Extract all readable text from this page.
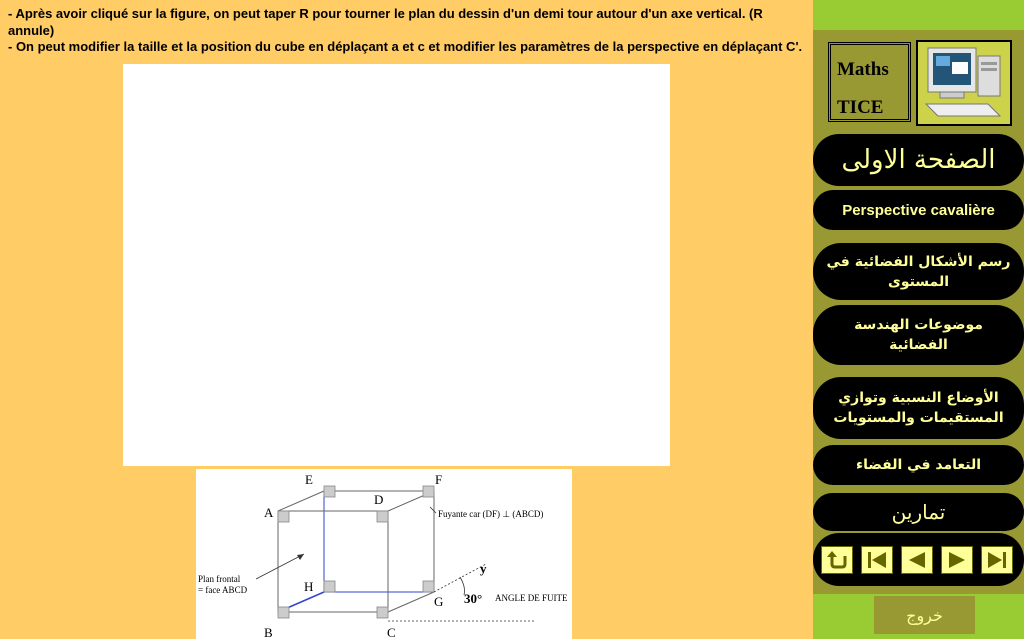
- Après avoir cliqué sur la figure, on peut taper R pour tourner le plan du dessin d'un demi tour autour d'un axe vertical. (R annule)

- On peut modifier la taille et la position du cube en déplaçant a et c et modifier les paramètres de la perspective en déplaçant C'.

A
B	C
D
E	F
G
H
Fuyante car (DF) ⊥ (ABCD)
Plan frontal
= face ABCD
y
30° ANGLE DE FUITE
Maths
TICE
الصفحة الاولى
Perspective cavalière
رسم الأشكال الفضائية في المستوى
موضوعات الهندسة الفضائية
الأوضاع النسبية وتوازي المستقيمات والمستويات
التعامد في الفضاء
تمارين
خروج
